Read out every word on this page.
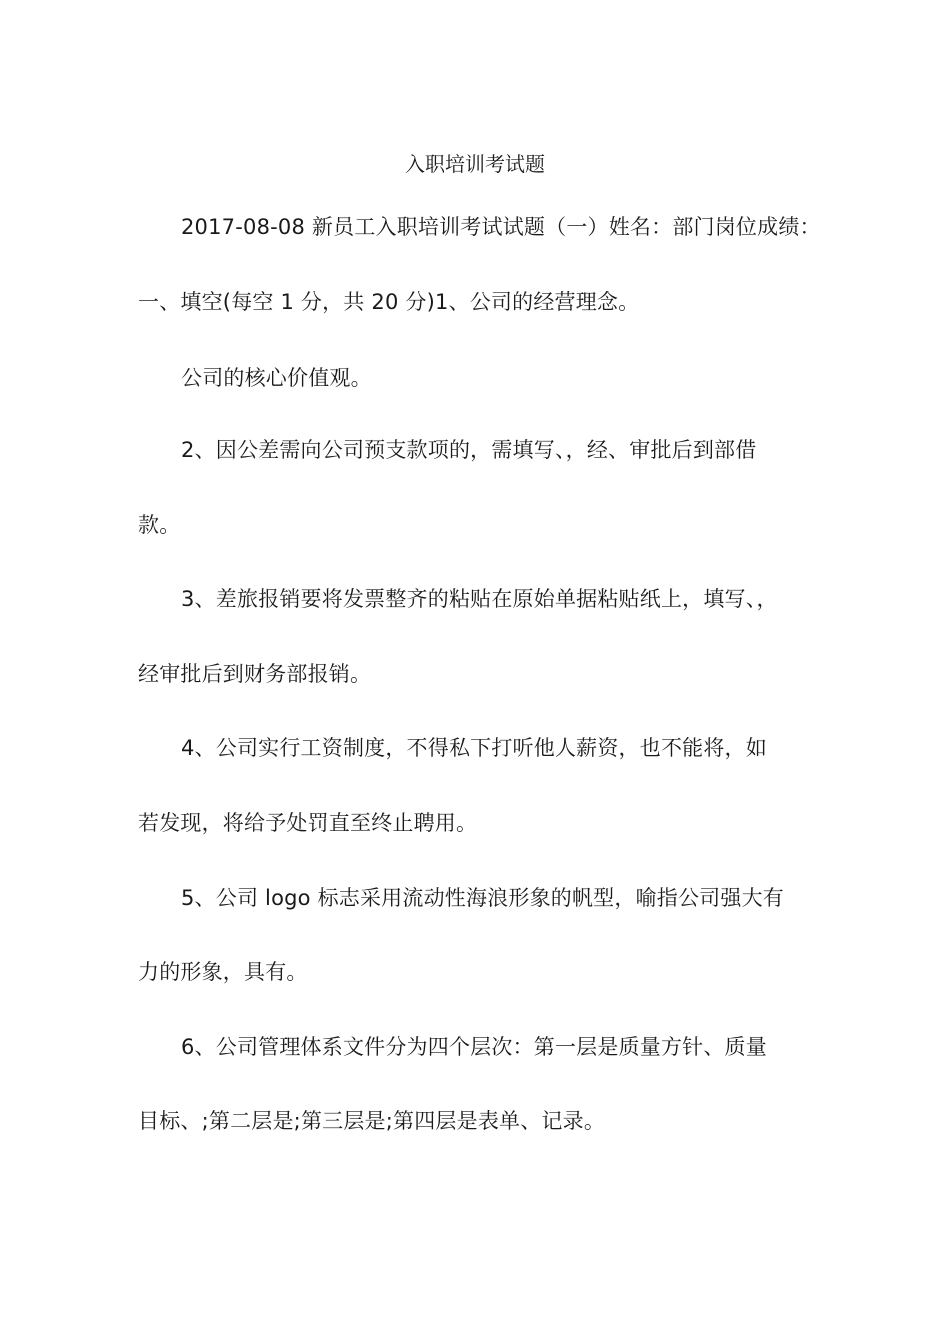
入职培训考试题
2017-08-08 新员工入职培训考试试题（一）姓名：部门岗位成绩：
一、填空(每空 1 分，共 20 分)1、公司的经营理念。
公司的核心价值观。
2、因公差需向公司预支款项的，需填写、，经、审批后到部借
款。
3、差旅报销要将发票整齐的粘贴在原始单据粘贴纸上，填写、，
经审批后到财务部报销。
4、公司实行工资制度，不得私下打听他人薪资，也不能将，如
若发现，将给予处罚直至终止聘用。
5、公司 logo 标志采用流动性海浪形象的帆型，喻指公司强大有
力的形象，具有。
6、公司管理体系文件分为四个层次：第一层是质量方针、质量
目标、;第二层是;第三层是;第四层是表单、记录。
